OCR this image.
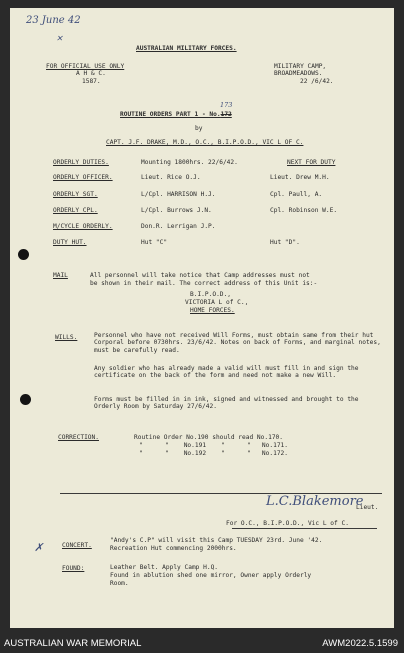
23 June 42
✕
AUSTRALIAN MILITARY FORCES.
FOR OFFICIAL USE ONLY
A H & C.
1587.
MILITARY CAMP,
BROADMEADOWS.
22 /6/42.
173
ROUTINE ORDERS PART 1 - No.172
by
CAPT. J.F. DRAKE, M.D., O.C., B.I.P.O.D., VIC L OF C.
ORDERLY DUTIES.	Mounting 1800hrs. 22/6/42.	NEXT FOR DUTY
ORDERLY OFFICER.	Lieut. Rice O.J.	Lieut. Drew M.H.
ORDERLY SGT.	L/Cpl. HARRISON H.J.	Cpl. Paull, A.
ORDERLY CPL.	L/Cpl. Burrows J.N.	Cpl. Robinson W.E.
M/CYCLE ORDERLY.	Don.R. Lerrigan J.P.
DUTY HUT.	Hut "C"	Hut "D".
MAIL	All personnel will take notice that Camp addresses must not
be shown in their mail. The correct address of this Unit is:-
B.I.P.O.D.,
VICTORIA L of C.,
HOME FORCES.
WILLS.	Personnel who have not received Will Forms, must obtain same from their hut Corporal before 0730hrs. 23/6/42. Notes on back of Forms, and marginal notes, must be carefully read.
Any soldier who has already made a valid will must fill in and sign the certificate on the back of the form and need not make a new Will.
Forms must be filled in in ink, signed and witnessed and brought to the Orderly Room by Saturday 27/6/42.
CORRECTION.	Routine Order No.190 should read No.170.
"      "    No.191    "      "   No.171.
"      "    No.192    "      "   No.172.
L.C.Blakemore
Lieut.
For O.C., B.I.P.O.D., Vic L of C.
✗	CONCERT.
"Andy's C.P" will visit this Camp TUESDAY 23rd. June '42.
Recreation Hut commencing 2000hrs.
FOUND:	Leather Belt. Apply Camp H.Q.
Found in ablution shed one mirror, Owner apply Orderly
Room.
AUSTRALIAN WAR MEMORIAL	AWM2022.5.1599
